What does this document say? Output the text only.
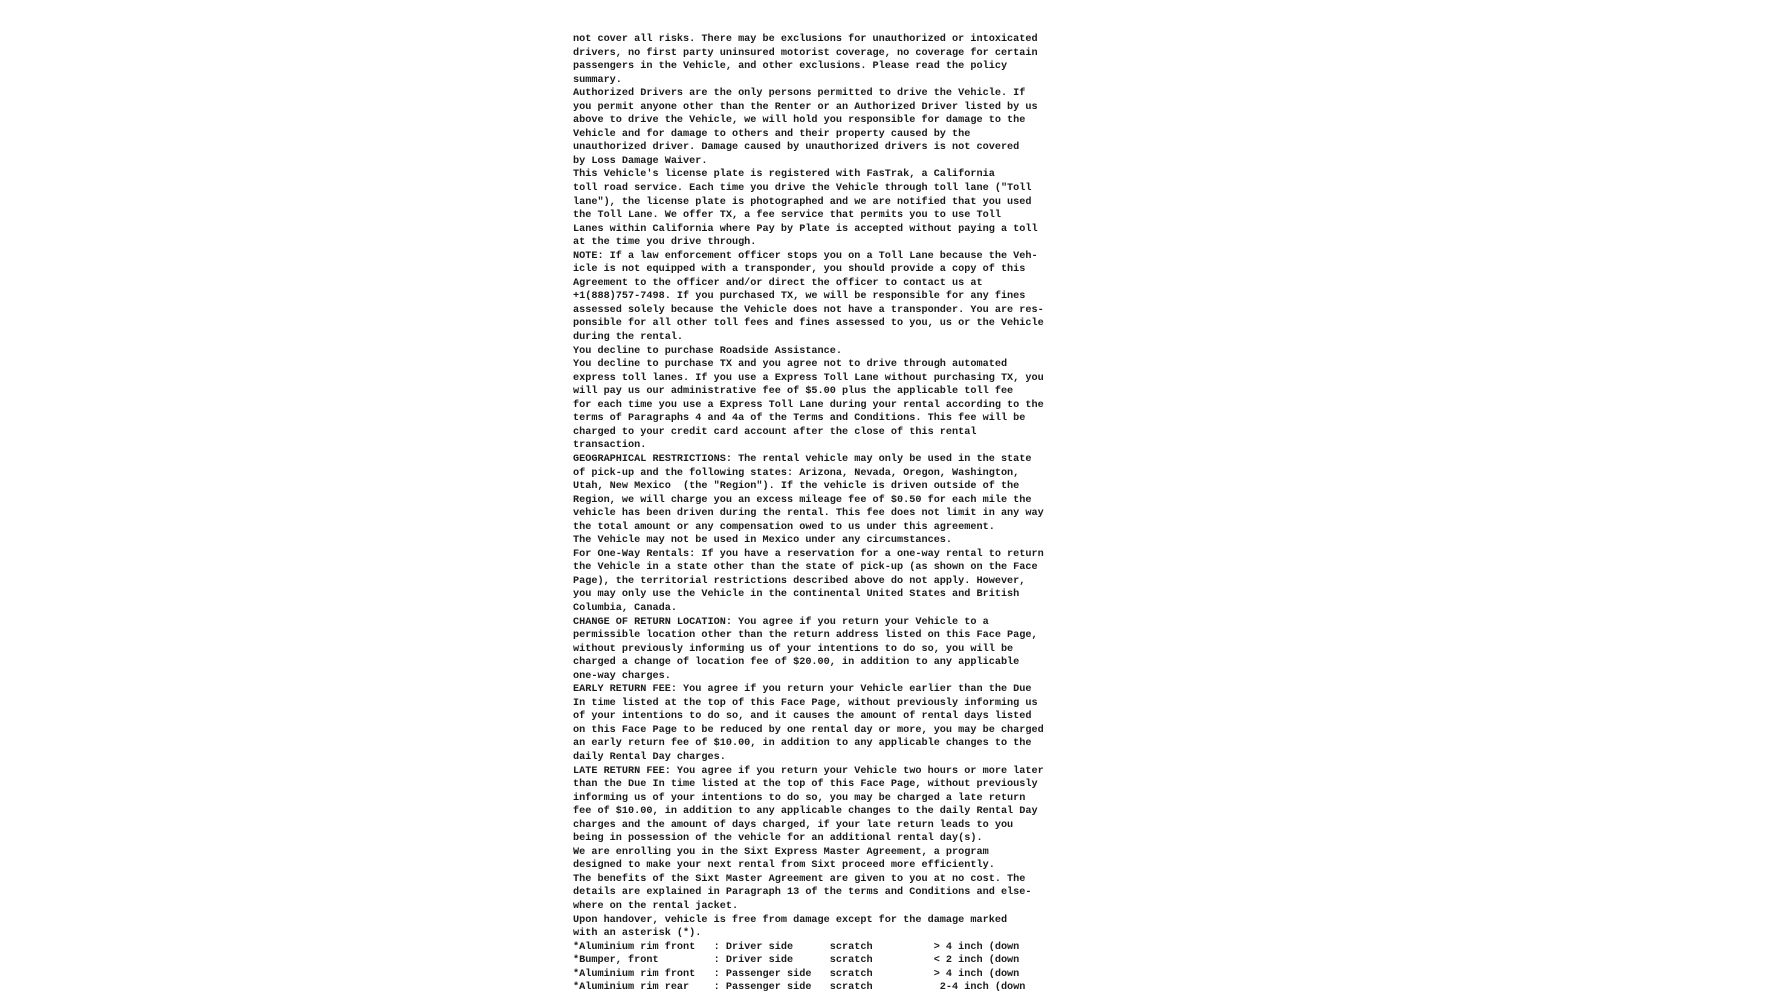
not cover all risks. There may be exclusions for unauthorized or intoxicated
drivers, no first party uninsured motorist coverage, no coverage for certain
passengers in the Vehicle, and other exclusions. Please read the policy
summary.
Authorized Drivers are the only persons permitted to drive the Vehicle. If
you permit anyone other than the Renter or an Authorized Driver listed by us
above to drive the Vehicle, we will hold you responsible for damage to the
Vehicle and for damage to others and their property caused by the
unauthorized driver. Damage caused by unauthorized drivers is not covered
by Loss Damage Waiver.
This Vehicle's license plate is registered with FasTrak, a California
toll road service. Each time you drive the Vehicle through toll lane ("Toll
lane"), the license plate is photographed and we are notified that you used
the Toll Lane. We offer TX, a fee service that permits you to use Toll
Lanes within California where Pay by Plate is accepted without paying a toll
at the time you drive through.
NOTE: If a law enforcement officer stops you on a Toll Lane because the Veh-
icle is not equipped with a transponder, you should provide a copy of this
Agreement to the officer and/or direct the officer to contact us at
+1(888)757-7498. If you purchased TX, we will be responsible for any fines
assessed solely because the Vehicle does not have a transponder. You are res-
ponsible for all other toll fees and fines assessed to you, us or the Vehicle
during the rental.
You decline to purchase Roadside Assistance.
You decline to purchase TX and you agree not to drive through automated
express toll lanes. If you use a Express Toll Lane without purchasing TX, you
will pay us our administrative fee of $5.00 plus the applicable toll fee
for each time you use a Express Toll Lane during your rental according to the
terms of Paragraphs 4 and 4a of the Terms and Conditions. This fee will be
charged to your credit card account after the close of this rental
transaction.
GEOGRAPHICAL RESTRICTIONS: The rental vehicle may only be used in the state
of pick-up and the following states: Arizona, Nevada, Oregon, Washington,
Utah, New Mexico  (the "Region"). If the vehicle is driven outside of the
Region, we will charge you an excess mileage fee of $0.50 for each mile the
vehicle has been driven during the rental. This fee does not limit in any way
the total amount or any compensation owed to us under this agreement.
The Vehicle may not be used in Mexico under any circumstances.
For One-Way Rentals: If you have a reservation for a one-way rental to return
the Vehicle in a state other than the state of pick-up (as shown on the Face
Page), the territorial restrictions described above do not apply. However,
you may only use the Vehicle in the continental United States and British
Columbia, Canada.
CHANGE OF RETURN LOCATION: You agree if you return your Vehicle to a
permissible location other than the return address listed on this Face Page,
without previously informing us of your intentions to do so, you will be
charged a change of location fee of $20.00, in addition to any applicable
one-way charges.
EARLY RETURN FEE: You agree if you return your Vehicle earlier than the Due
In time listed at the top of this Face Page, without previously informing us
of your intentions to do so, and it causes the amount of rental days listed
on this Face Page to be reduced by one rental day or more, you may be charged
an early return fee of $10.00, in addition to any applicable changes to the
daily Rental Day charges.
LATE RETURN FEE: You agree if you return your Vehicle two hours or more later
than the Due In time listed at the top of this Face Page, without previously
informing us of your intentions to do so, you may be charged a late return
fee of $10.00, in addition to any applicable changes to the daily Rental Day
charges and the amount of days charged, if your late return leads to you
being in possession of the vehicle for an additional rental day(s).
We are enrolling you in the Sixt Express Master Agreement, a program
designed to make your next rental from Sixt proceed more efficiently.
The benefits of the Sixt Master Agreement are given to you at no cost. The
details are explained in Paragraph 13 of the terms and Conditions and else-
where on the rental jacket.
Upon handover, vehicle is free from damage except for the damage marked
with an asterisk (*).
*Aluminium rim front   : Driver side      scratch          > 4 inch (down
*Bumper, front         : Driver side      scratch          < 2 inch (down
*Aluminium rim front   : Passenger side   scratch          > 4 inch (down
*Aluminium rim rear    : Passenger side   scratch           2-4 inch (down
